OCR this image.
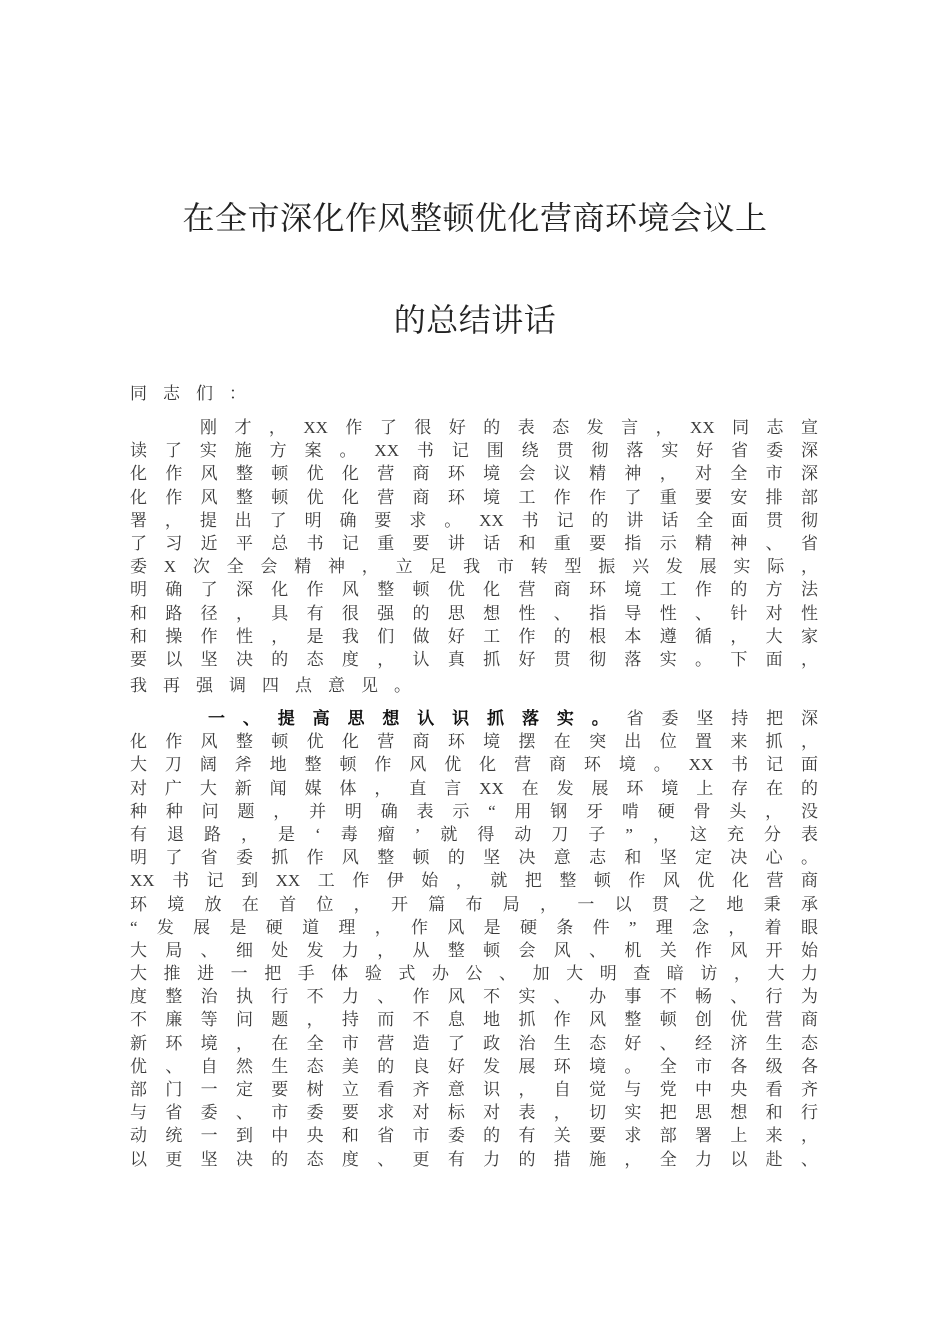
在全市深化作风整顿优化营商环境会议上
的总结讲话
同志们：
刚才，XX作了很好的表态发言，XX同志宣
读了实施方案。XX书记围绕贯彻落实好省委深
化作风整顿优化营商环境会议精神，对全市深
化作风整顿优化营商环境工作作了重要安排部
署，提出了明确要求。XX书记的讲话全面贯彻
了习近平总书记重要讲话和重要指示精神、省
委X次全会精神，立足我市转型振兴发展实际，
明确了深化作风整顿优化营商环境工作的方法
和路径，具有很强的思想性、指导性、针对性
和操作性，是我们做好工作的根本遵循，大家
要以坚决的态度，认真抓好贯彻落实。下面，
我再强调四点意见。
一、提高思想认识抓落实。省委坚持把深
化作风整顿优化营商环境摆在突出位置来抓，
大刀阔斧地整顿作风优化营商环境。XX书记面
对广大新闻媒体，直言XX在发展环境上存在的
种种问题，并明确表示“用钢牙啃硬骨头，没
有退路，是‘毒瘤’就得动刀子”，这充分表
明了省委抓作风整顿的坚决意志和坚定决心。
XX书记到XX工作伊始，就把整顿作风优化营商
环境放在首位，开篇布局，一以贯之地秉承
“发展是硬道理，作风是硬条件”理念，着眼
大局、细处发力，从整顿会风、机关作风开始
大推进一把手体验式办公、加大明查暗访，大力
度整治执行不力、作风不实、办事不畅、行为
不廉等问题，持而不息地抓作风整顿创优营商
新环境，在全市营造了政治生态好、经济生态
优、自然生态美的良好发展环境。全市各级各
部门一定要树立看齐意识，自觉与党中央看齐
与省委、市委要求对标对表，切实把思想和行
动统一到中央和省市委的有关要求部署上来，
以更坚决的态度、更有力的措施，全力以赴、
